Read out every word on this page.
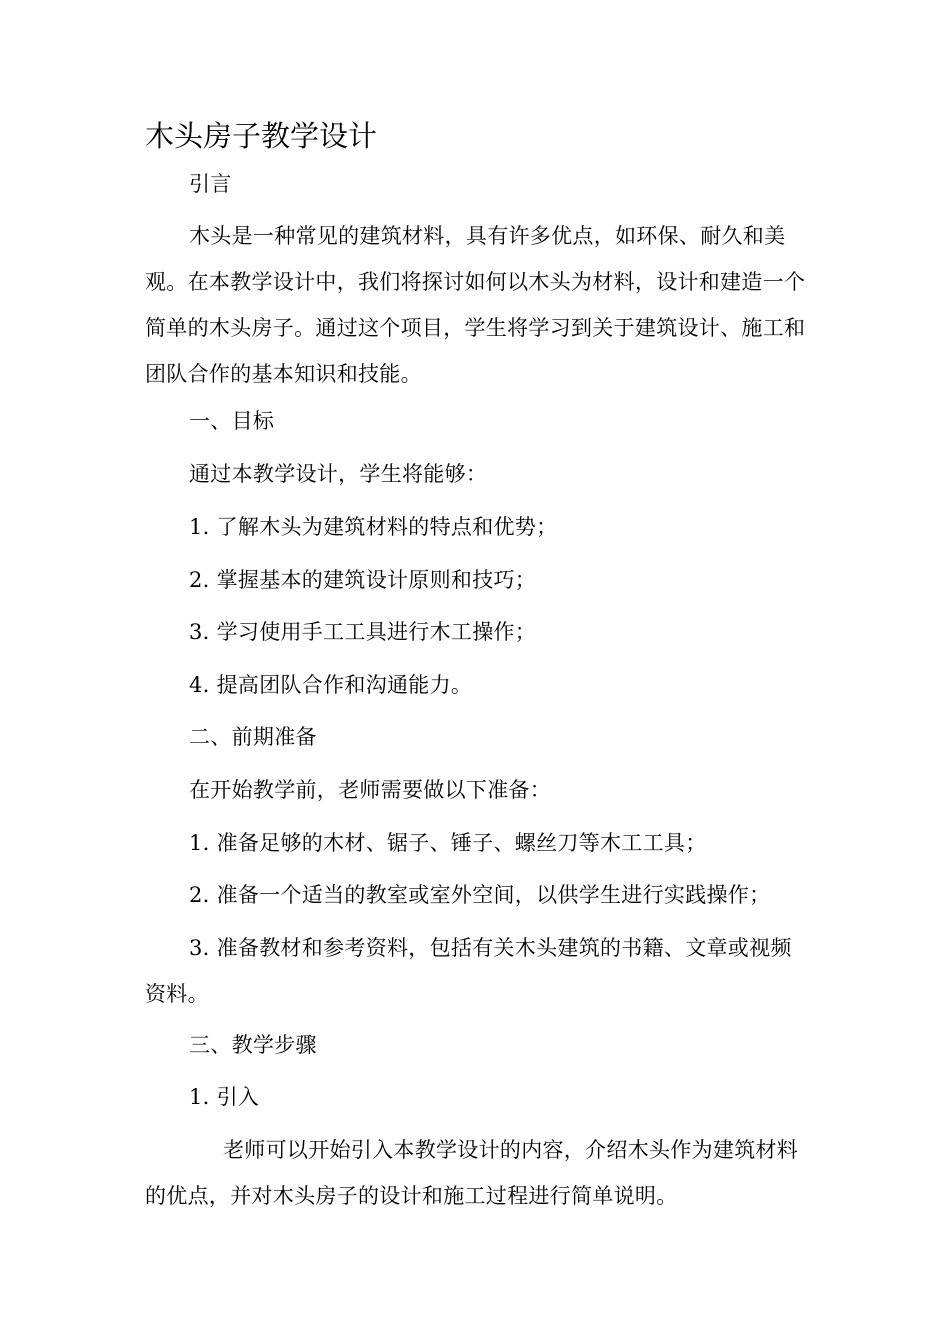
木头房子教学设计

引言

木头是一种常见的建筑材料，具有许多优点，如环保、耐久和美观。在本教学设计中，我们将探讨如何以木头为材料，设计和建造一个简单的木头房子。通过这个项目，学生将学习到关于建筑设计、施工和团队合作的基本知识和技能。

一、目标

通过本教学设计，学生将能够：

1. 了解木头为建筑材料的特点和优势；

2. 掌握基本的建筑设计原则和技巧；

3. 学习使用手工工具进行木工操作；

4. 提高团队合作和沟通能力。

二、前期准备

在开始教学前，老师需要做以下准备：

1. 准备足够的木材、锯子、锤子、螺丝刀等木工工具；

2. 准备一个适当的教室或室外空间，以供学生进行实践操作；

3. 准备教材和参考资料，包括有关木头建筑的书籍、文章或视频资料。

三、教学步骤

1. 引入

老师可以开始引入本教学设计的内容，介绍木头作为建筑材料的优点，并对木头房子的设计和施工过程进行简单说明。
